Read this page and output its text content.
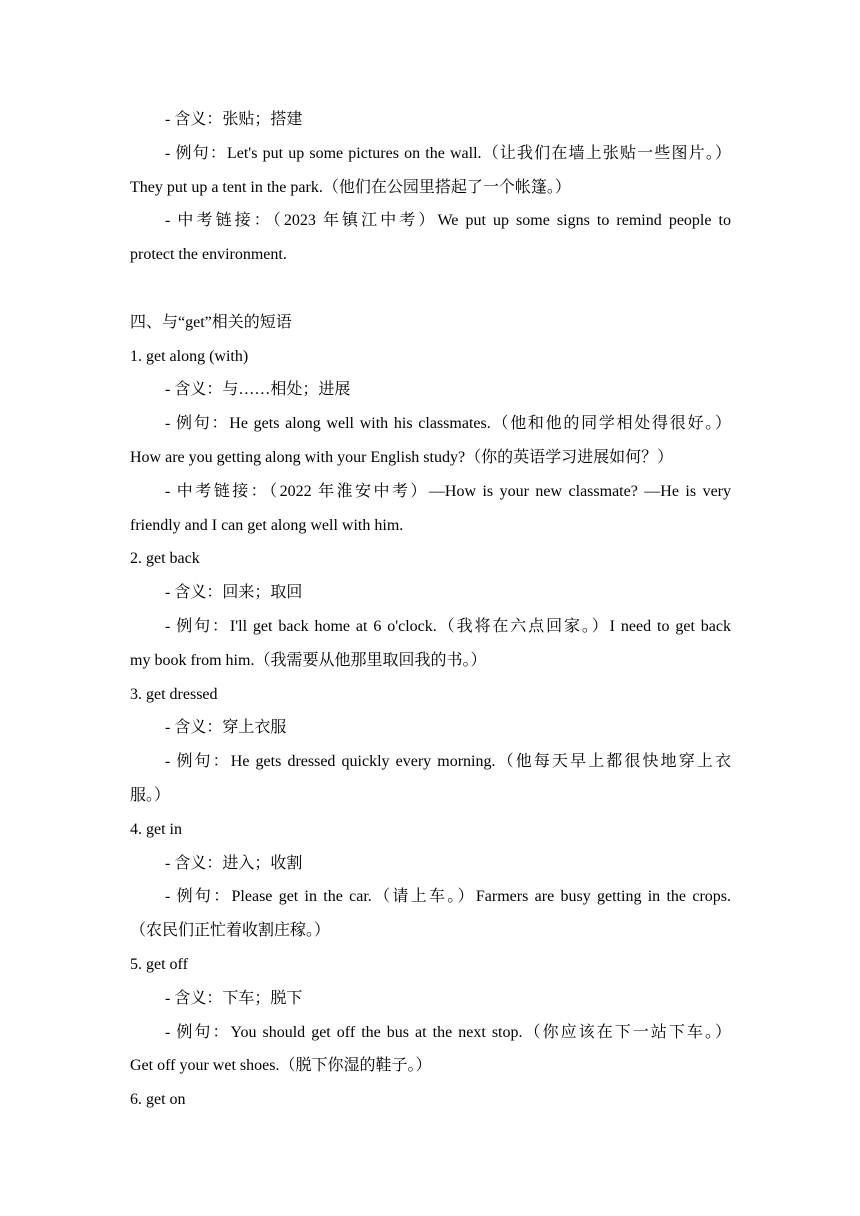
- 含义：张贴；搭建
- 例句：Let's put up some pictures on the wall.（让我们在墙上张贴一些图片。）
They put up a tent in the park.（他们在公园里搭起了一个帐篷。）
- 中考链接：（2023 年镇江中考）We put up some signs to remind people to
protect the environment.
四、与“get”相关的短语
1. get along (with)
- 含义：与……相处；进展
- 例句：He gets along well with his classmates.（他和他的同学相处得很好。）
How are you getting along with your English study?（你的英语学习进展如何？）
- 中考链接：（2022 年淮安中考）—How is your new classmate? —He is very
friendly and I can get along well with him.
2. get back
- 含义：回来；取回
- 例句：I'll get back home at 6 o'clock.（我将在六点回家。）I need to get back
my book from him.（我需要从他那里取回我的书。）
3. get dressed
- 含义：穿上衣服
- 例句：He gets dressed quickly every morning.（他每天早上都很快地穿上衣
服。）
4. get in
- 含义：进入；收割
- 例句：Please get in the car.（请上车。）Farmers are busy getting in the crops.
（农民们正忙着收割庄稼。）
5. get off
- 含义：下车；脱下
- 例句：You should get off the bus at the next stop.（你应该在下一站下车。）
Get off your wet shoes.（脱下你湿的鞋子。）
6. get on
